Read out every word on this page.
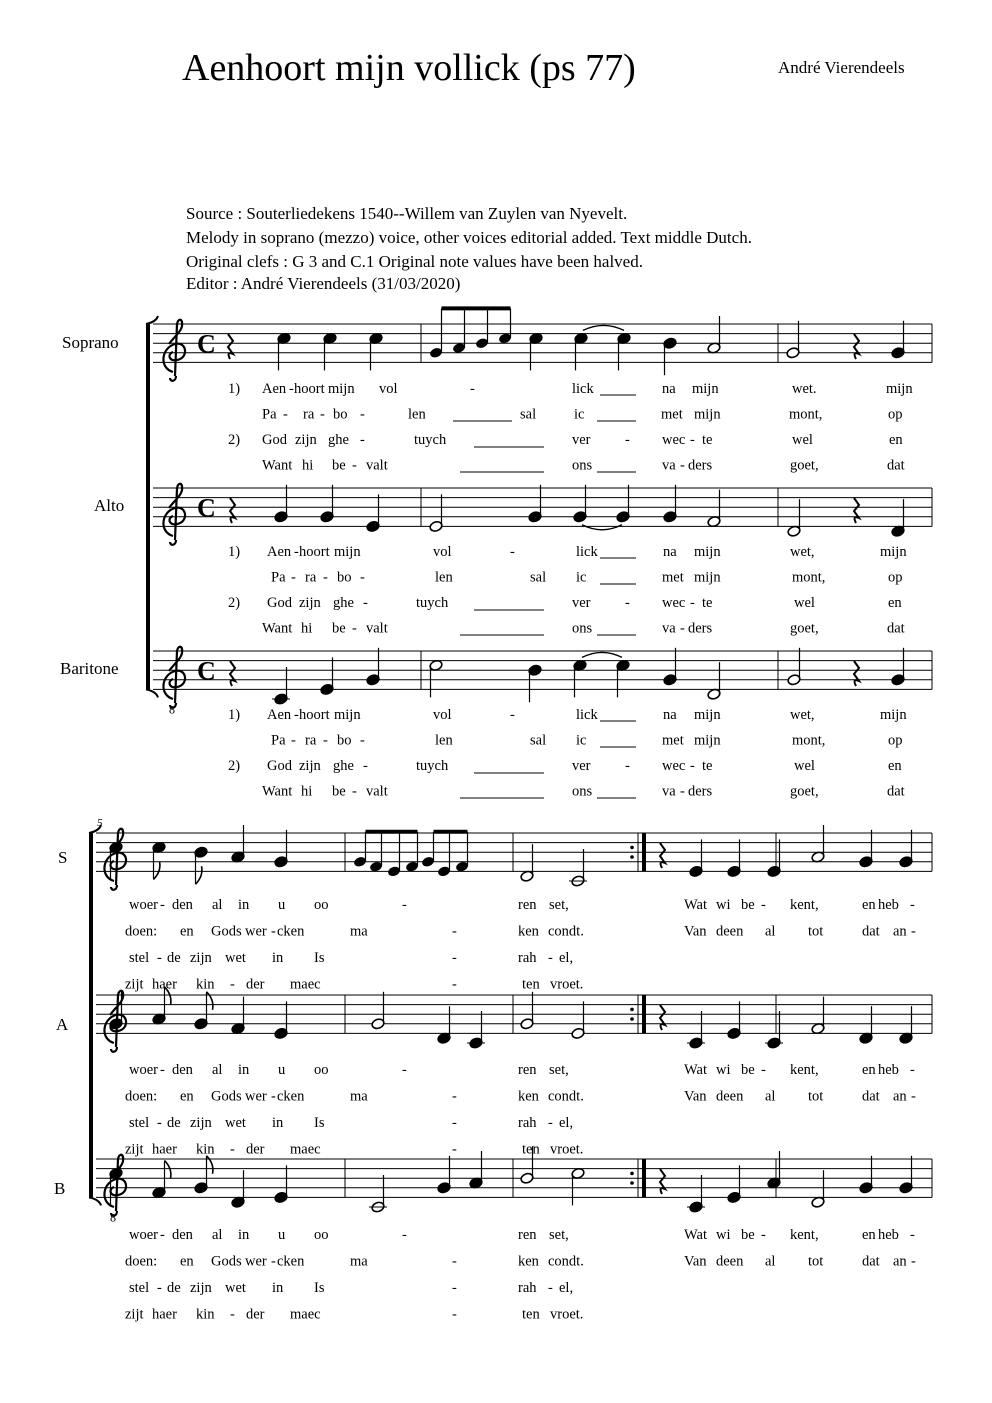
Aenhoort mijn vollick (ps 77)	André Vierendeels
Source : Souterliedekens 1540--Willem van Zuylen van Nyevelt.
Melody in soprano (mezzo) voice, other voices editorial added. Text middle Dutch.
Original clefs : G 3 and C.1 Original note values have been halved.
Editor : André Vierendeels (31/03/2020)
Soprano
Alto
Baritone
S
A
B
C
C
8
C
8
5
1) Aen - hoort mijn vol	-	lick	na mijn	wet.	mijn
Pa - ra - bo -	len	sal	ic	met mijn	mont,	op
2) God zijn ghe -	tuych	ver - wec - te	wel	en
Want hi be - valt	ons	va - ders	goet,	dat
1) Aen - hoort mijn	vol	-	lick	na mijn	wet,	mijn
Pa - ra - bo -	len	sal ic	met mijn	mont,	op
2) God zijn ghe -	tuych	ver - wec - te	wel	en
Want hi be - valt	ons	va - ders	goet,	dat
1) Aen - hoort mijn	vol	-	lick	na mijn	wet,	mijn
Pa - ra - bo -	len	sal ic	met mijn	mont,	op
2) God zijn ghe -	tuych	ver - wec - te	wel	en
Want hi be - valt	ons	va - ders	goet,	dat
woer - den al in u oo	-	ren set,	Wat wi be - kent,	en heb -
doen: en Gods wer - cken	ma	-	ken condt.	Van deen al tot	dat an -
stel - de zijn wet in Is	-	rah - el,
zijt haer kin - der maec	-	ten vroet.
woer - den al in u oo	-	ren set,	Wat wi be - kent,	en heb -
doen: en Gods wer - cken	ma	-	ken condt.	Van deen al tot	dat an -
stel - de zijn wet in Is	-	rah - el,
zijt haer kin - der maec	-	ten vroet.
woer - den al in u oo	-	ren set,	Wat wi be - kent,	en heb -
doen: en Gods wer - cken	ma	-	ken condt.	Van deen al tot	dat an -
stel - de zijn wet in Is	-	rah - el,
zijt haer kin - der maec	-	ten vroet.
